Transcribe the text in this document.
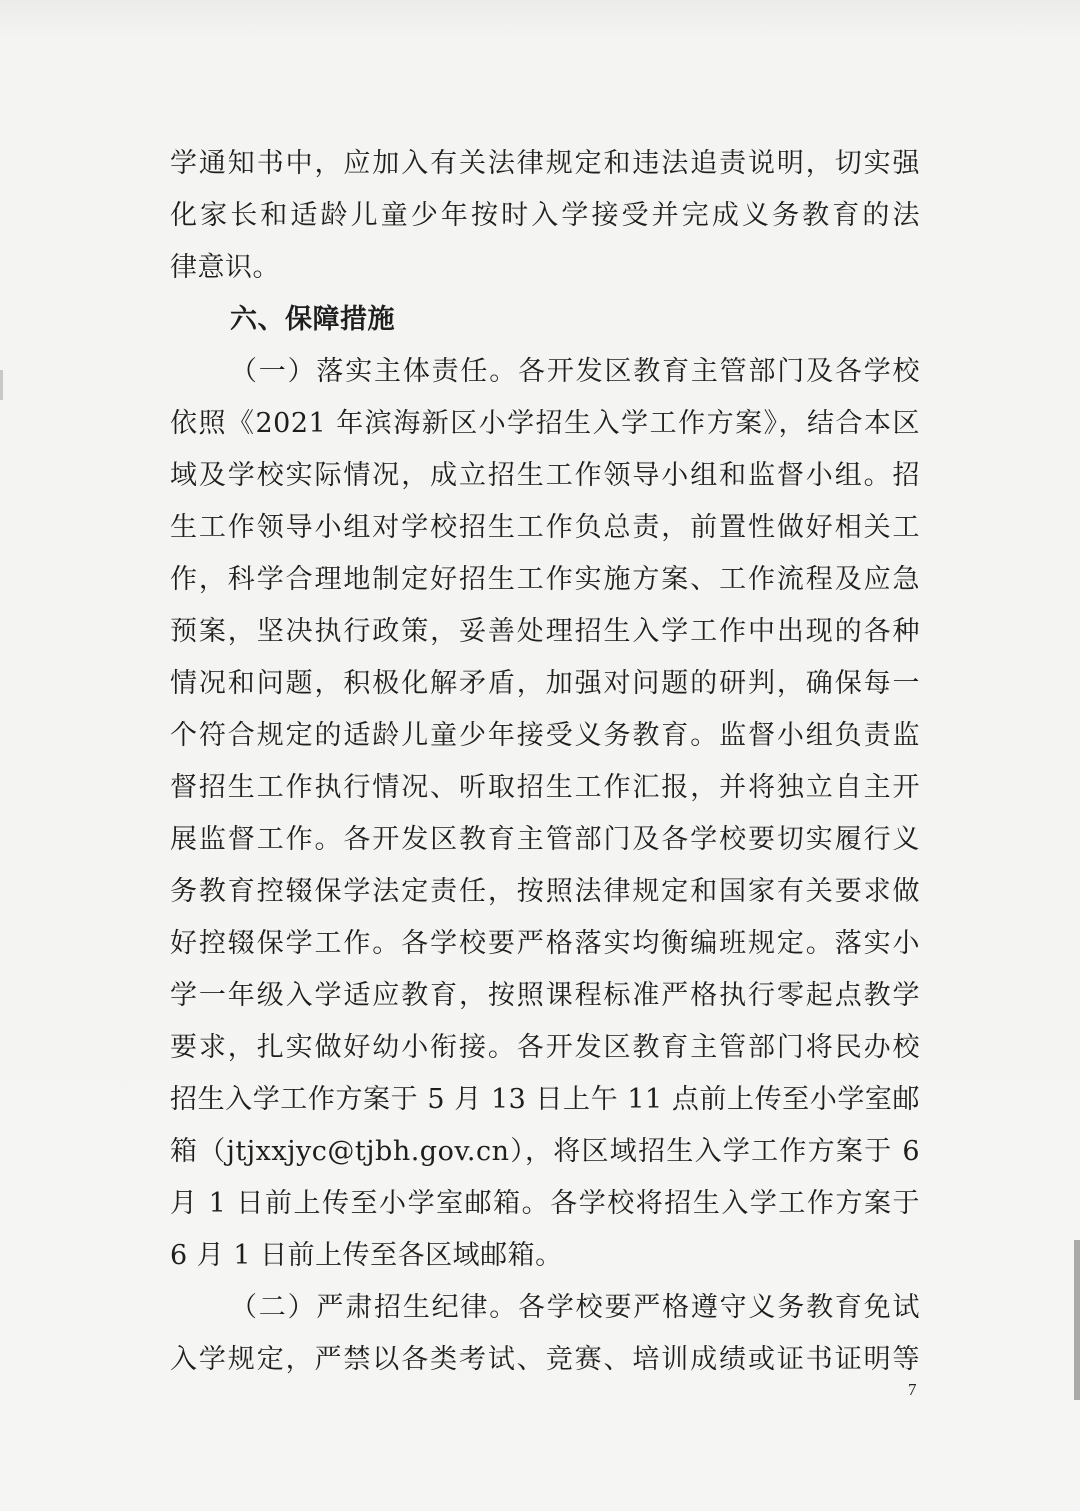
学通知书中，应加入有关法律规定和违法追责说明，切实强
化家长和适龄儿童少年按时入学接受并完成义务教育的法
律意识。
六、保障措施
（一）落实主体责任。各开发区教育主管部门及各学校
依照《2021 年滨海新区小学招生入学工作方案》，结合本区
域及学校实际情况，成立招生工作领导小组和监督小组。招
生工作领导小组对学校招生工作负总责，前置性做好相关工
作，科学合理地制定好招生工作实施方案、工作流程及应急
预案，坚决执行政策，妥善处理招生入学工作中出现的各种
情况和问题，积极化解矛盾，加强对问题的研判，确保每一
个符合规定的适龄儿童少年接受义务教育。监督小组负责监
督招生工作执行情况、听取招生工作汇报，并将独立自主开
展监督工作。各开发区教育主管部门及各学校要切实履行义
务教育控辍保学法定责任，按照法律规定和国家有关要求做
好控辍保学工作。各学校要严格落实均衡编班规定。落实小
学一年级入学适应教育，按照课程标准严格执行零起点教学
要求，扎实做好幼小衔接。各开发区教育主管部门将民办校
招生入学工作方案于 5 月 13 日上午 11 点前上传至小学室邮
箱（jtjxxjyc@tjbh.gov.cn），将区域招生入学工作方案于 6
月 1 日前上传至小学室邮箱。各学校将招生入学工作方案于
6 月 1 日前上传至各区域邮箱。
（二）严肃招生纪律。各学校要严格遵守义务教育免试
入学规定，严禁以各类考试、竞赛、培训成绩或证书证明等
7
